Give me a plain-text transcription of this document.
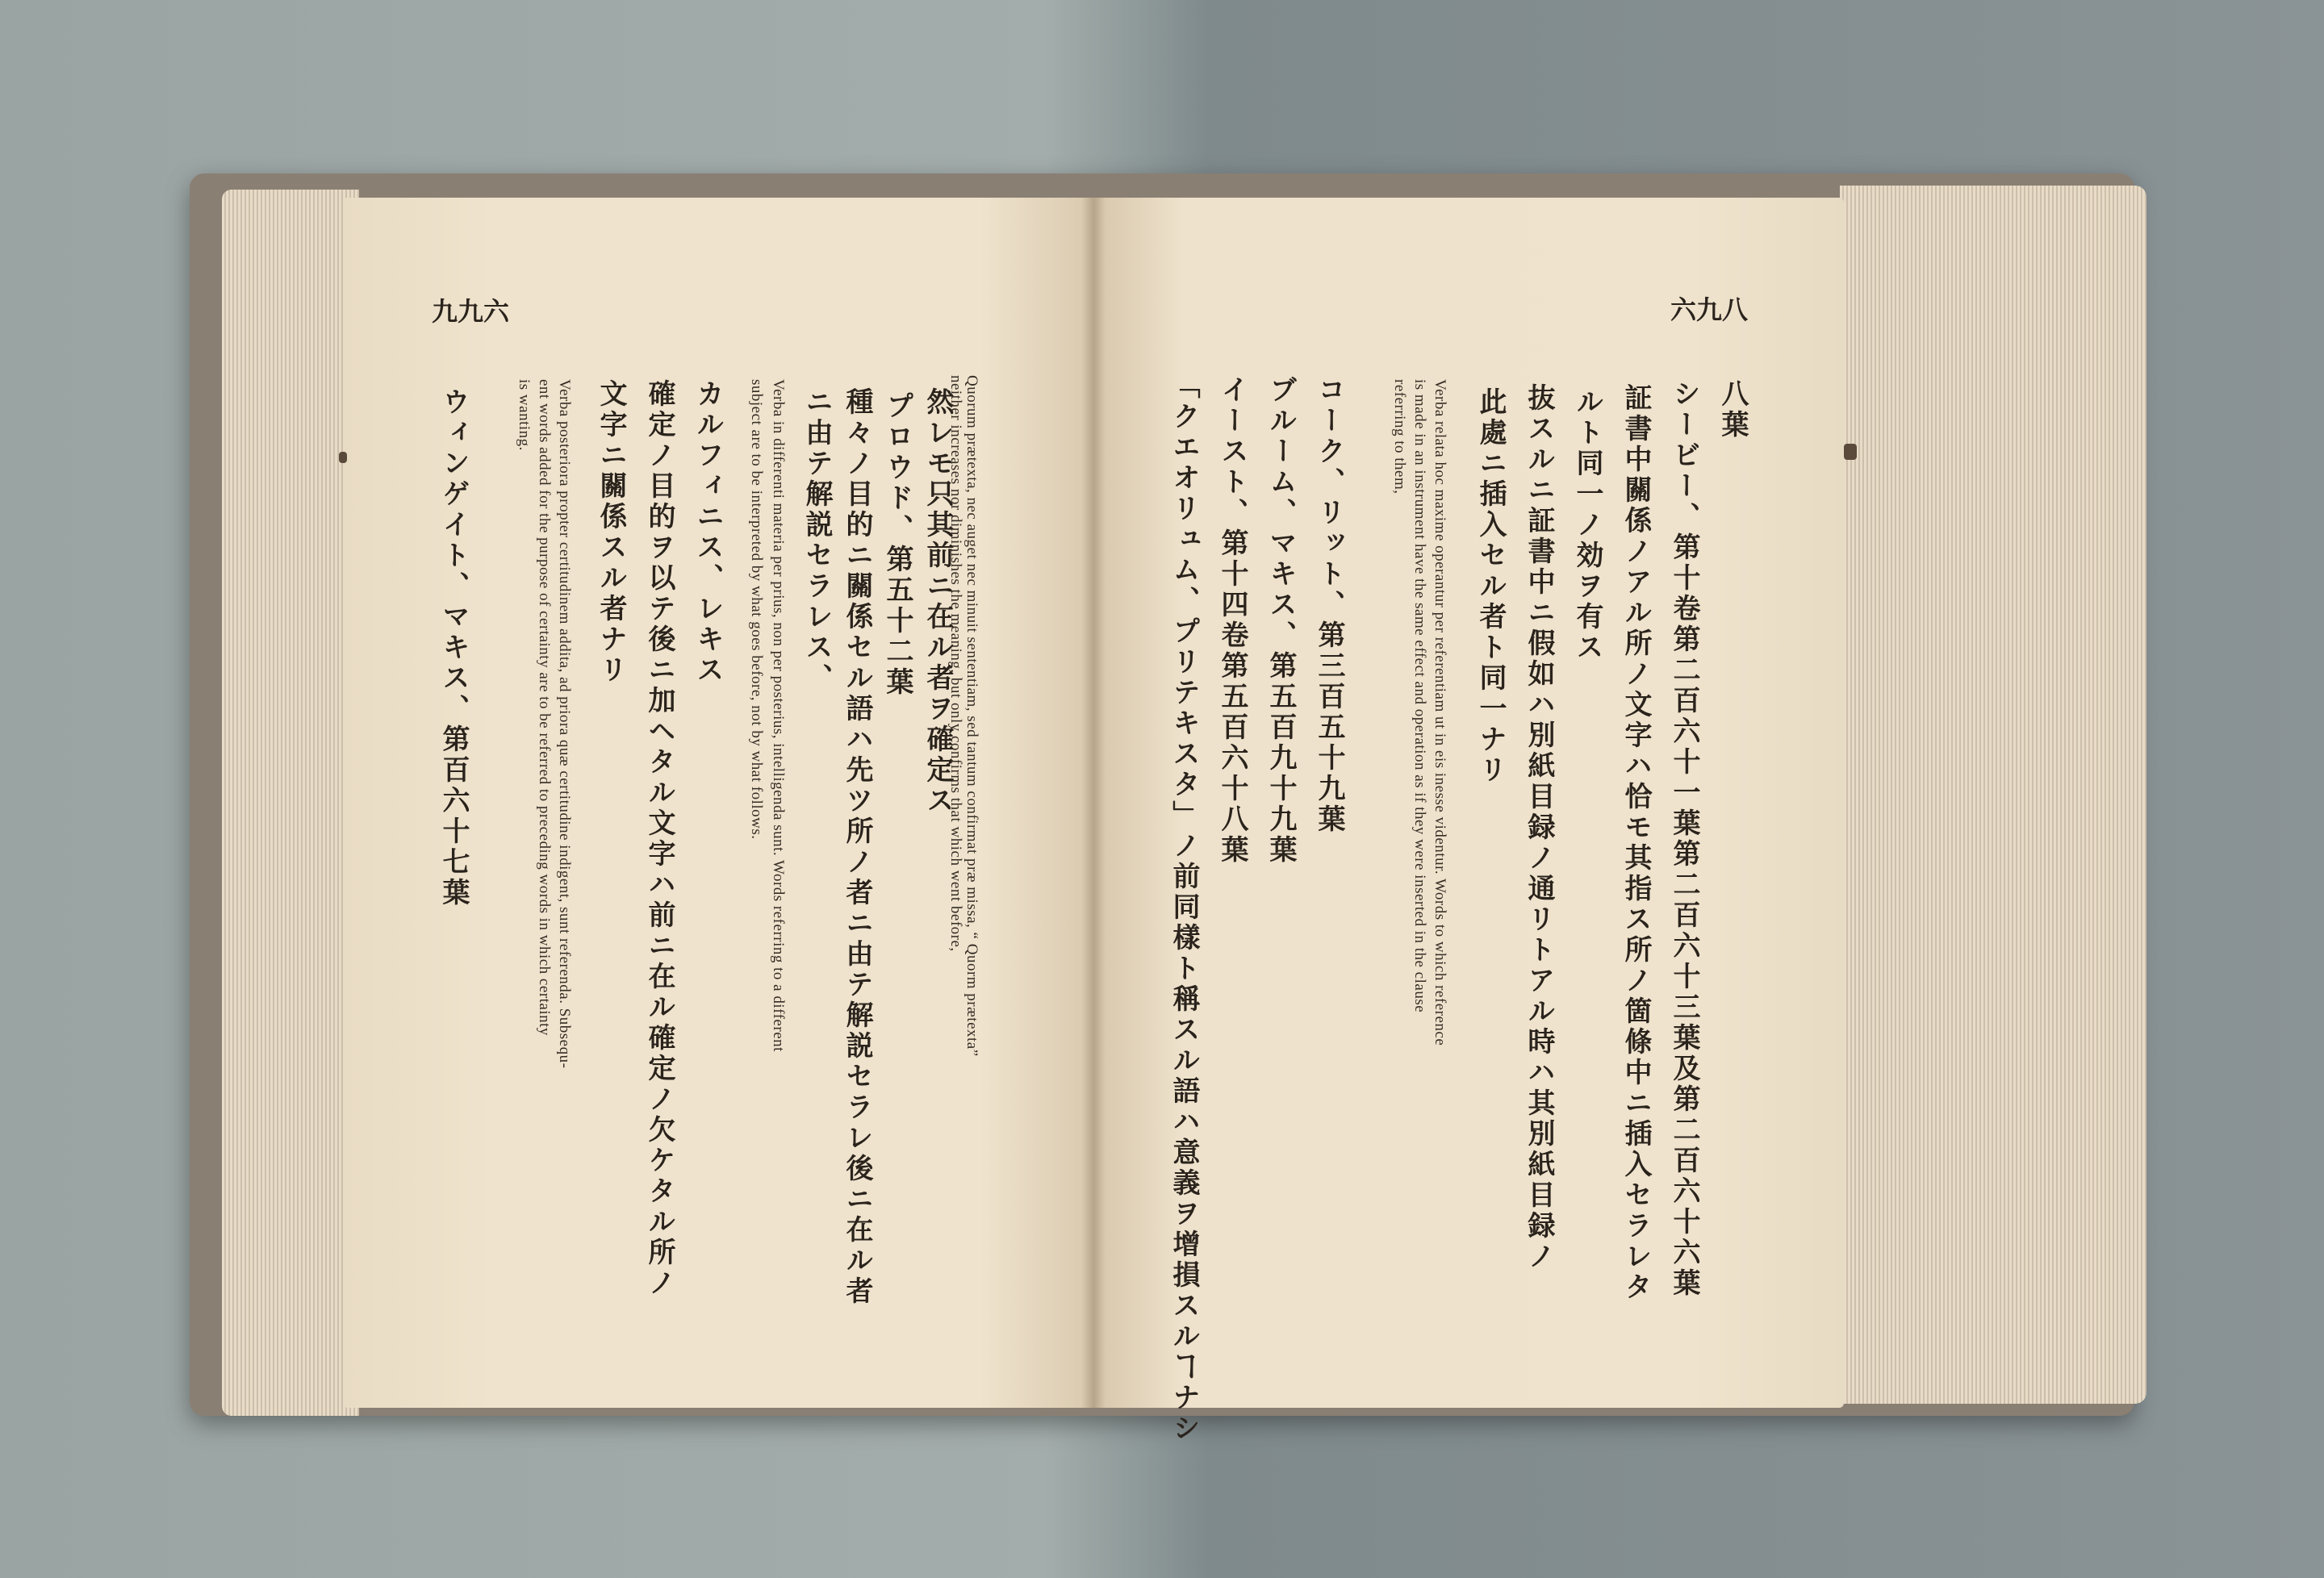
九九六	六九八
然レモ只其前ニ在ル者ヲ確定ス Quorum prætexta, nec auget nec minuit sententiam, sed tantum confirmat præ missa, “ Quorm prætexta”
neither increases nor diminishes the meaning, but only confirms that which went before,
プロウド、第五十二葉
種々ノ目的ニ關係セル語ハ先ツ所ノ者ニ由テ解説セラレ後ニ在ル者
ニ由テ解説セラレス、
Verba in differenti materia per prius, non per posterius, intelligenda sunt. Words referring to a different
subject are to be interpreted by what goes before, not by what follows.
カルフィニス、レキス
確定ノ目的ヲ以テ後ニ加ヘタル文字ハ前ニ在ル確定ノ欠ケタル所ノ
文字ニ關係スル者ナリ
Verba posteriora propter certitudinem addita, ad priora quæ certitudine indigent, sunt referenda. Subsequ-
ent words added for the purpose of certainty are to be referred to preceding words in which certainty
is wanting.
ウィンゲイト、マキス、第百六十七葉	八葉
シービー、第十卷第二百六十一葉第二百六十三葉及第二百六十六葉
証書中關係ノアル所ノ文字ハ恰モ其指ス所ノ箇條中ニ插入セラレタ
ルト同一ノ効ヲ有ス
抜スルニ証書中ニ假如ハ別紙目録ノ通リトアル時ハ其別紙目録ノ
此處ニ插入セル者ト同一ナリ
Verba relata hoc maxime operantur per referentiam ut in eis inesse videntur. Words to which reference
is made in an instrument have the same effect and operation as if they were inserted in the clause
referring to them,
コーク、リット、第三百五十九葉
ブルーム、マキス、第五百九十九葉
イースト、第十四卷第五百六十八葉
「クエオリュム、プリテキスタ」ノ前同樣ト稱スル語ハ意義ヲ增損スルヿナシ
